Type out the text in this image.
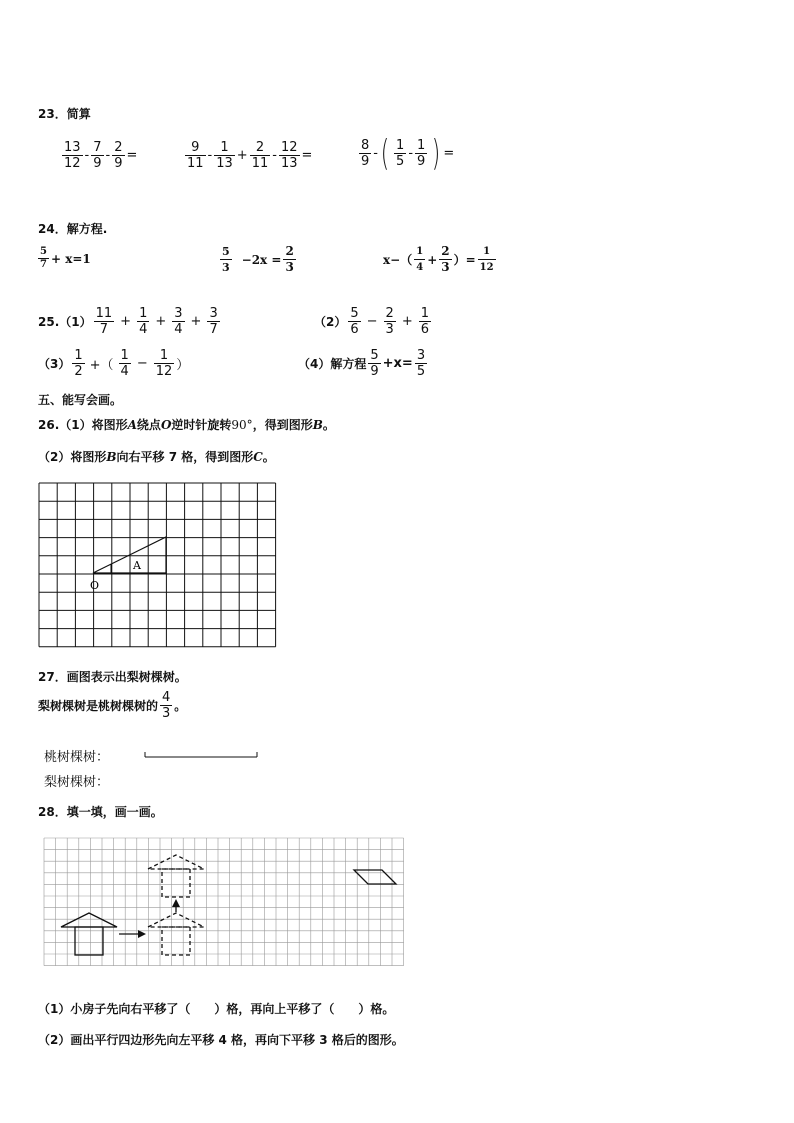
23．简算
$\frac{13}{12} - \frac{7}{9} - \frac{2}{9}$ =	$\frac{9}{11} - \frac{1}{13} + \frac{2}{11} - \frac{12}{13}$ =	$\frac{8}{9}$ - ( $\frac{1}{5} - \frac{1}{9}$ ) =
24．解方程.
$\frac{5}{7} + x=1$	$\frac{5}{3} -2x = \frac{2}{3}$	$x-( \frac{1}{4} + \frac{2}{3}$ ）= $\frac{1}{12}$
$25.(1) \frac{11}{7} + \frac{1}{4} + \frac{3}{4} + \frac{3}{7}$	$(2) \frac{5}{6} - \frac{2}{3} + \frac{1}{6}$
$(3) \frac{1}{2}$ +（ $\frac{1}{4} - \frac{1}{12}$ ）	（4）解方程 $\frac{5}{9} +x= \frac{3}{5}$
五、能写会画。
26.（1）将图形A绕点O逆时针旋转90°，得到图形B。
（2）将图形B向右平移 7 格，得到图形C。
A
O
27．画图表示出梨树棵树。
梨树棵树是桃树棵树的 $\frac{4}{3}$ 。
桃树棵树：
梨树棵树：
28．填一填，画一画。
（1）小房子先向右平移了（　　）格，再向上平移了（　　）格。
（2）画出平行四边形先向左平移 4 格，再向下平移 3 格后的图形。
